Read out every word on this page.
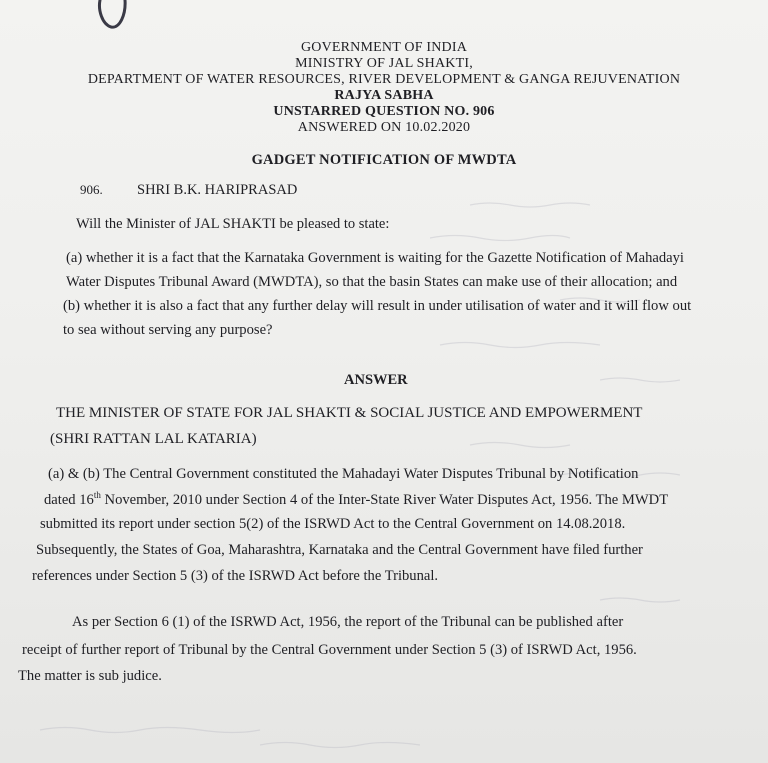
GOVERNMENT OF INDIA
MINISTRY OF JAL SHAKTI,
DEPARTMENT OF WATER RESOURCES, RIVER DEVELOPMENT & GANGA REJUVENATION
RAJYA SABHA
UNSTARRED QUESTION NO. 906
ANSWERED ON 10.02.2020
GADGET NOTIFICATION OF MWDTA
906. SHRI B.K. HARIPRASAD
Will the Minister of JAL SHAKTI be pleased to state:
(a) whether it is a fact that the Karnataka Government is waiting for the Gazette Notification of Mahadayi
Water Disputes Tribunal Award (MWDTA), so that the basin States can make use of their allocation; and
(b) whether it is also a fact that any further delay will result in under utilisation of water and it will flow out
to sea without serving any purpose?
ANSWER
THE MINISTER OF STATE FOR JAL SHAKTI & SOCIAL JUSTICE AND EMPOWERMENT
(SHRI RATTAN LAL KATARIA)
(a) & (b) The Central Government constituted the Mahadayi Water Disputes Tribunal by Notification
dated 16th November, 2010 under Section 4 of the Inter-State River Water Disputes Act, 1956. The MWDT
submitted its report under section 5(2) of the ISRWD Act to the Central Government on 14.08.2018.
Subsequently, the States of Goa, Maharashtra, Karnataka and the Central Government have filed further
references under Section 5 (3) of the ISRWD Act before the Tribunal.
As per Section 6 (1) of the ISRWD Act, 1956, the report of the Tribunal can be published after
receipt of further report of Tribunal by the Central Government under Section 5 (3) of ISRWD Act, 1956.
The matter is sub judice.
